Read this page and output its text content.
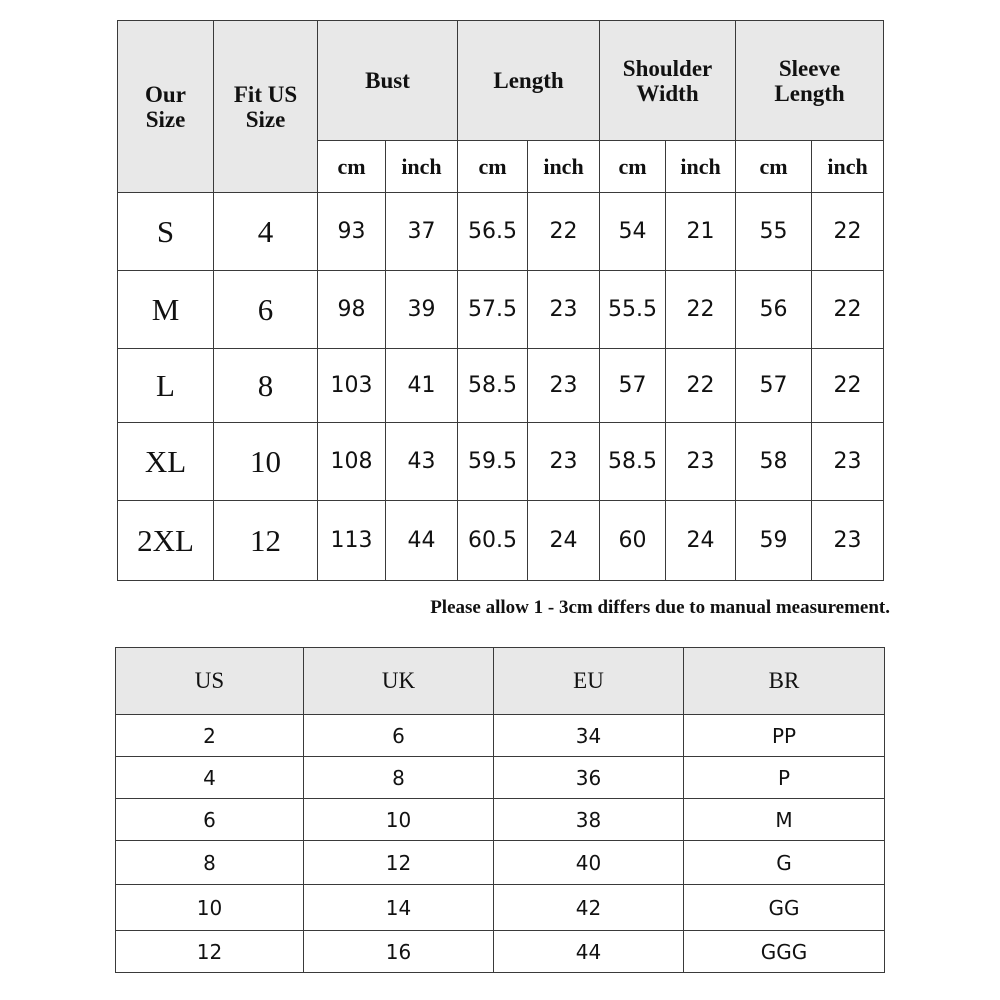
Our Size	Fit US Size	Bust		Length		Shoulder Width		Sleeve Length	
		cm	inch	cm	inch	cm	inch	cm	inch
S	4	93	37	56.5	22	54	21	55	22
M	6	98	39	57.5	23	55.5	22	56	22
L	8	103	41	58.5	23	57	22	57	22
XL	10	108	43	59.5	23	58.5	23	58	23
2XL	12	113	44	60.5	24	60	24	59	23
Please allow 1 - 3cm differs due to manual measurement.
US	UK	EU	BR
2	6	34	PP
4	8	36	P
6	10	38	M
8	12	40	G
10	14	42	GG
12	16	44	GGG
